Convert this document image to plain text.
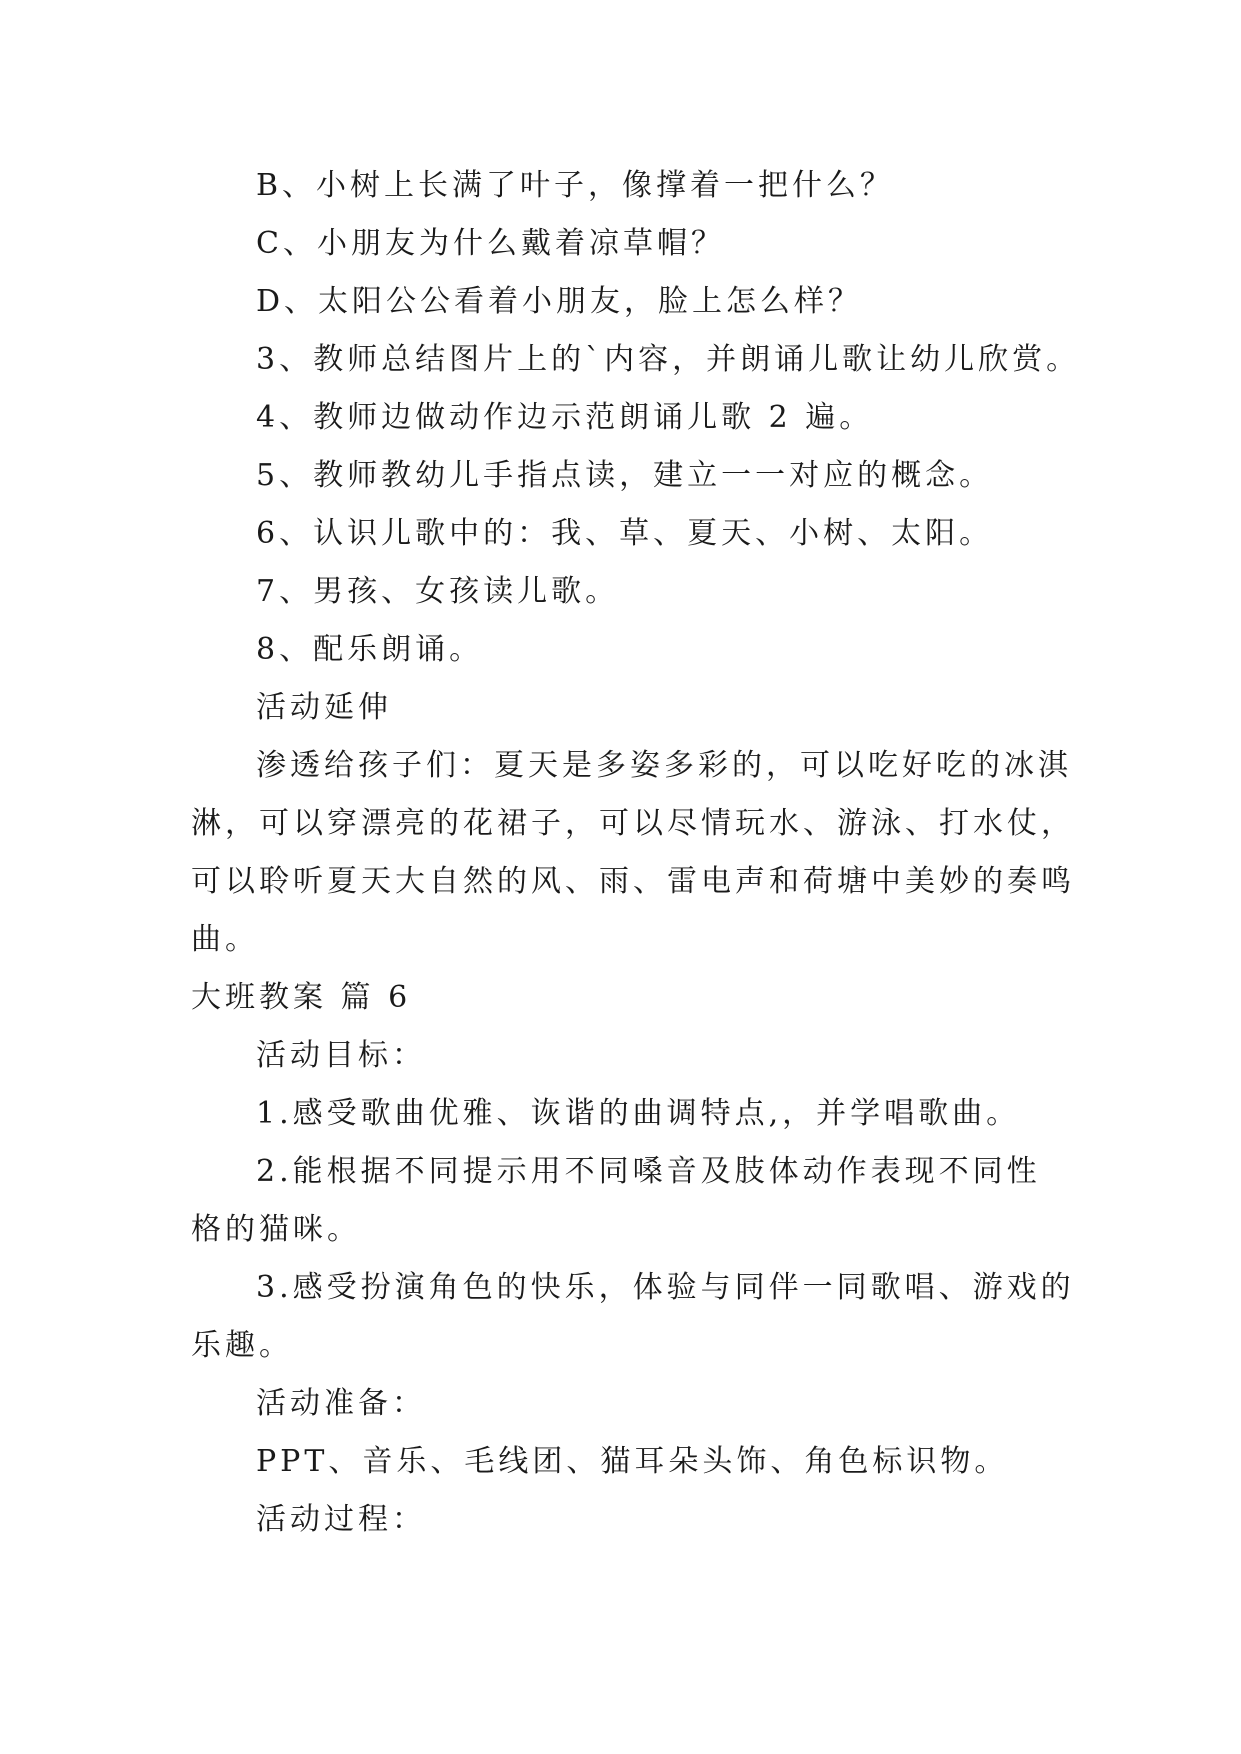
B、小树上长满了叶子，像撑着一把什么？
C、小朋友为什么戴着凉草帽？
D、太阳公公看着小朋友，脸上怎么样？
3、教师总结图片上的`内容，并朗诵儿歌让幼儿欣赏。
4、教师边做动作边示范朗诵儿歌 2 遍。
5、教师教幼儿手指点读，建立一一对应的概念。
6、认识儿歌中的：我、草、夏天、小树、太阳。
7、男孩、女孩读儿歌。
8、配乐朗诵。
活动延伸
渗透给孩子们：夏天是多姿多彩的，可以吃好吃的冰淇
淋，可以穿漂亮的花裙子，可以尽情玩水、游泳、打水仗，
可以聆听夏天大自然的风、雨、雷电声和荷塘中美妙的奏鸣
曲。
大班教案 篇 6
活动目标：
1.感受歌曲优雅、诙谐的曲调特点,，并学唱歌曲。
2.能根据不同提示用不同嗓音及肢体动作表现不同性
格的猫咪。
3.感受扮演角色的快乐，体验与同伴一同歌唱、游戏的
乐趣。
活动准备：
PPT、音乐、毛线团、猫耳朵头饰、角色标识物。
活动过程：
